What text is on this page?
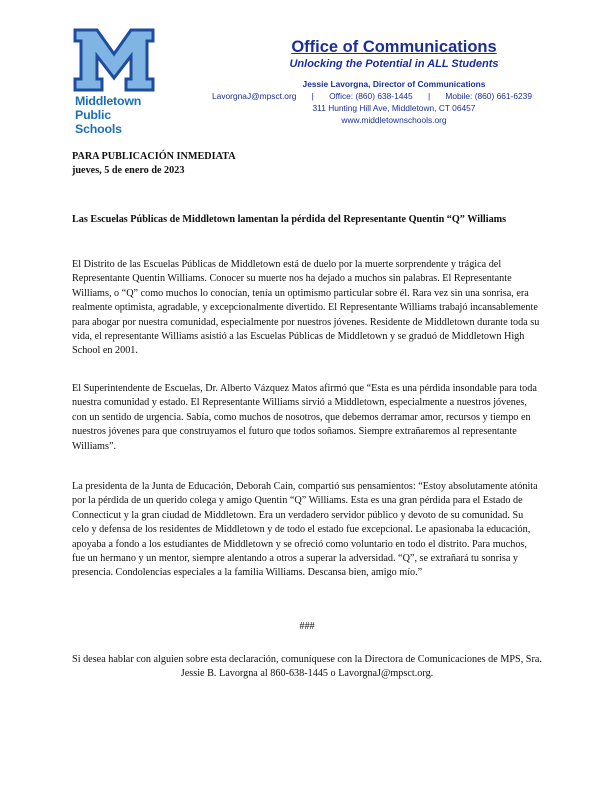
Middletown
Public Schools
Office of Communications
Unlocking the Potential in ALL Students
Jessie Lavorgna, Director of Communications
LavorgnaJ@mpsct.org | Office: (860) 638-1445 | Mobile: (860) 661-6239
311 Hunting Hill Ave, Middletown, CT 06457
www.middletownschools.org
PARA PUBLICACIÓN INMEDIATA
jueves, 5 de enero de 2023
Las Escuelas Públicas de Middletown lamentan la pérdida del Representante Quentin “Q” Williams

El Distrito de las Escuelas Públicas de Middletown está de duelo por la muerte sorprendente y trágica del Representante Quentin Williams. Conocer su muerte nos ha dejado a muchos sin palabras. El Representante Williams, o “Q” como muchos lo conocían, tenía un optimismo particular sobre él. Rara vez sin una sonrisa, era realmente optimista, agradable, y excepcionalmente divertido. El Representante Williams trabajó incansablemente para abogar por nuestra comunidad, especialmente por nuestros jóvenes. Residente de Middletown durante toda su vida, el representante Williams asistió a las Escuelas Públicas de Middletown y se graduó de Middletown High School en 2001.

El Superintendente de Escuelas, Dr. Alberto Vázquez Matos afirmó que “Esta es una pérdida insondable para toda nuestra comunidad y estado. El Representante Williams sirvió a Middletown, especialmente a nuestros jóvenes, con un sentido de urgencia. Sabía, como muchos de nosotros, que debemos derramar amor, recursos y tiempo en nuestros jóvenes para que construyamos el futuro que todos soñamos. Siempre extrañaremos al representante Williams”.

La presidenta de la Junta de Educación, Deborah Cain, compartió sus pensamientos: “Estoy absolutamente atónita por la pérdida de un querido colega y amigo Quentin “Q” Williams. Esta es una gran pérdida para el Estado de Connecticut y la gran ciudad de Middletown. Era un verdadero servidor público y devoto de su comunidad. Su celo y defensa de los residentes de Middletown y de todo el estado fue excepcional. Le apasionaba la educación, apoyaba a fondo a los estudiantes de Middletown y se ofreció como voluntario en todo el distrito. Para muchos, fue un hermano y un mentor, siempre alentando a otros a superar la adversidad. “Q”, se extrañará tu sonrisa y presencia. Condolencias especiales a la familia Williams. Descansa bien, amigo mío.”

###
Si desea hablar con alguien sobre esta declaración, comuníquese con la Directora de Comunicaciones de MPS, Sra. Jessie B. Lavorgna al 860-638-1445 o LavorgnaJ@mpsct.org.
